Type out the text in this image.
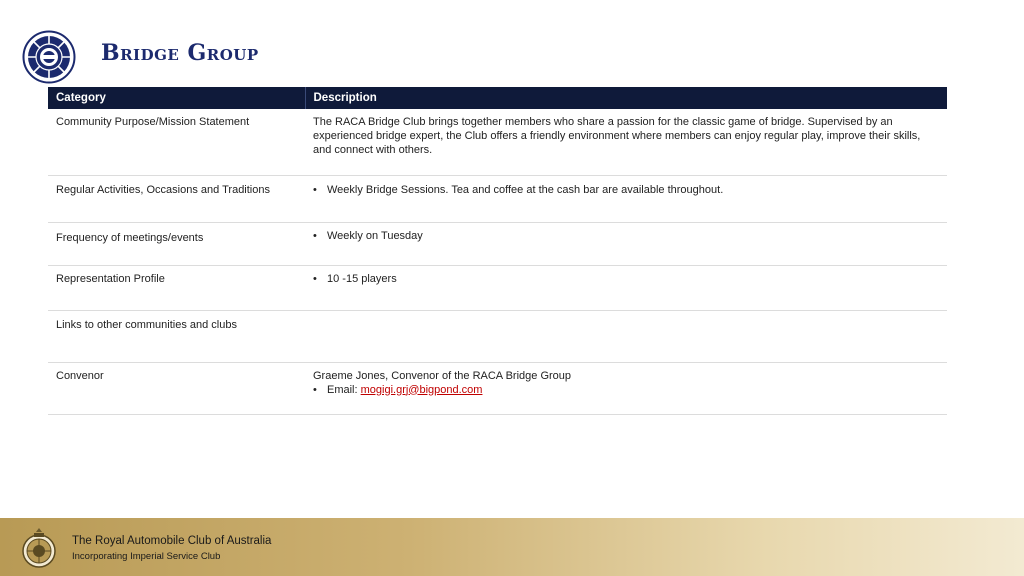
Bridge Group
Category	Description
Community Purpose/Mission Statement	The RACA Bridge Club brings together members who share a passion for the classic game of bridge. Supervised by an experienced bridge expert, the Club offers a friendly environment where members can enjoy regular play, improve their skills, and connect with others.
Regular Activities, Occasions and Traditions	• Weekly Bridge Sessions. Tea and coffee at the cash bar are available throughout.

Frequency of meetings/events	• Weekly on Tuesday

Representation Profile	• 10 -15 players

Links to other communities and clubs	
Convenor	Graeme Jones, Convenor of the RACA Bridge Group
• Email: mogigi.grj@bigpond.com
The Royal Automobile Club of Australia
Incorporating Imperial Service Club
